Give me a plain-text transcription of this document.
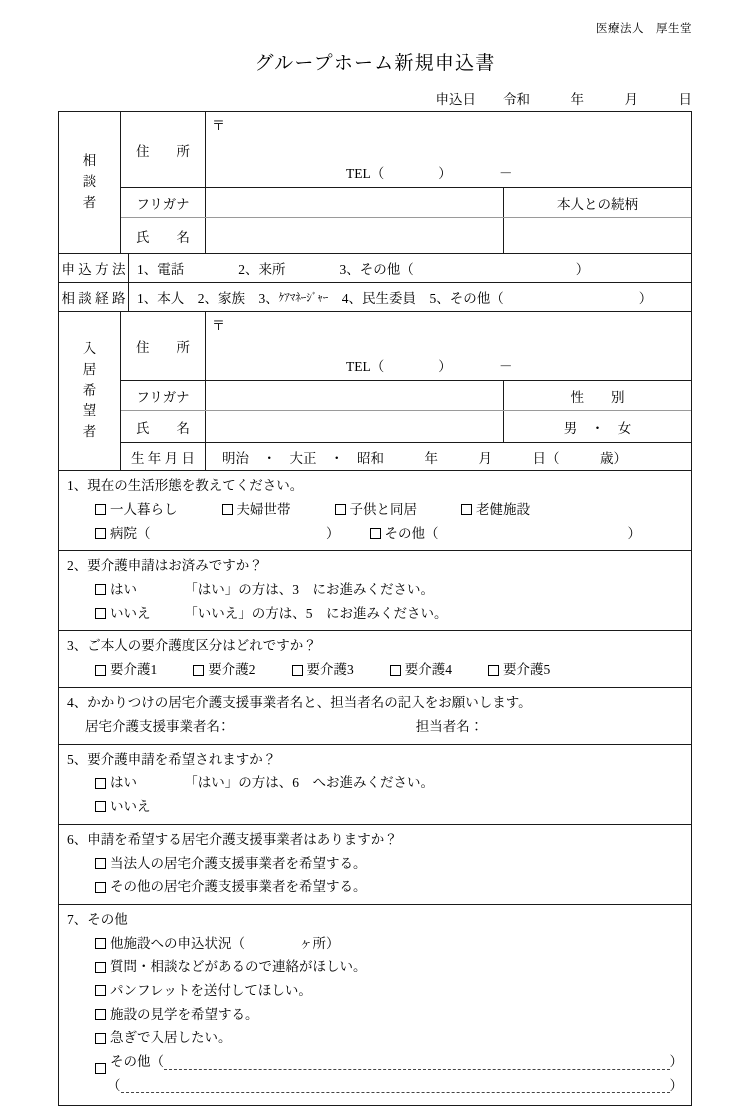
医療法人　厚生堂
グループホーム新規申込書
申込日　　令和　　　年　　　月　　　日
相
談
者
住　　所
〒
TEL（　　　　）　　　　－
フリガナ	本人との続柄
氏　　名
申 込 方 法 1、電話　　　　2、来所　　　　3、その他（　　　　　　　　　　　　）
相 談 経 路 1、本人　2、家族　3、 ｹｱﾏﾈｰｼﾞｬｰ 　4、民生委員　5、その他（　　　　　　　　　　）
入
居
希
望
者
住　　所
〒
TEL（　　　　）　　　　－
フリガナ	性　　別
氏　　名	男　・　女
生 年 月 日	明治　・　大正　・　昭和　　　年　　　月　　　日（　　　歳）
1、現在の生活形態を教えてください。
一人暮らし	夫婦世帯	子供と同居	老健施設
病院（　　　　　　　　　　　　　）	その他（　　　　　　　　　　　　　　）
2、要介護申請はお済みですか？
はい　　　　「はい」の方は、3　にお進みください。
いいえ　　　「いいえ」の方は、5　にお進みください。
3、ご本人の要介護度区分はどれですか？
要介護1	要介護2	要介護3	要介護4	要介護5
4、かかりつけの居宅介護支援事業者名と、担当者名の記入をお願いします。
居宅介護支援事業者名：　　　　　　　　　　　　　　担当者名：
5、要介護申請を希望されますか？
はい　　　　「はい」の方は、6　へお進みください。
いいえ
6、申請を希望する居宅介護支援事業者はありますか？
当法人の居宅介護支援事業者を希望する。
その他の居宅介護支援事業者を希望する。
7、その他
他施設への申込状況（　　　　ヶ所）
質問・相談などがあるので連絡がほしい。
パンフレットを送付してほしい。
施設の見学を希望する。
急ぎで入居したい。
その他（	）
（	）
